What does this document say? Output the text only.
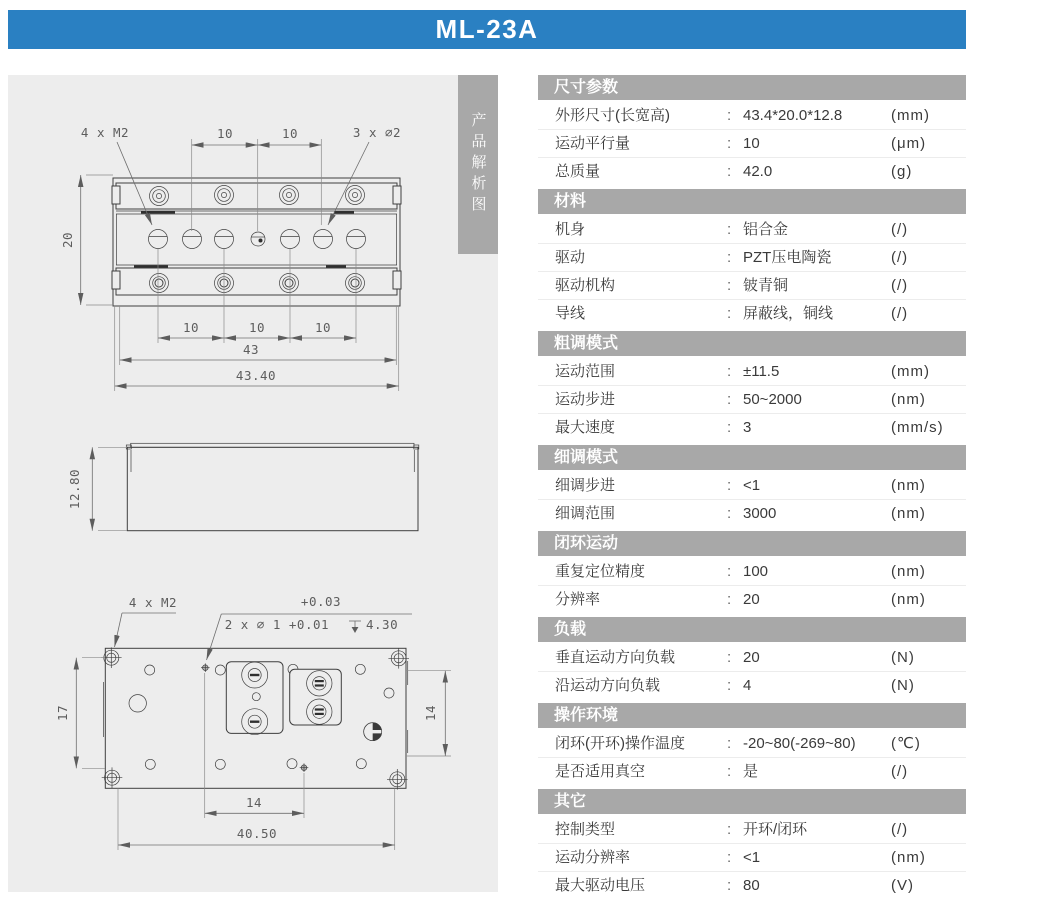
ML-23A
4 x M2	3 x ∅2
10	10
20
10	10	10
43
43.40
12.80
4 x M2	+0.03
2 x ∅ 1 +0.01	4.30
17	14
14
40.50
产品解析图
尺寸参数
外形尺寸(长宽高)	: 43.4*20.0*12.8	(mm)
运动平行量	: 10	(μm)
总质量	: 42.0	(g)
材料
机身	: 铝合金	(/)
驱动	: PZT压电陶瓷	(/)
驱动机构	: 铍青铜	(/)
导线	: 屏蔽线，铜线	(/)
粗调模式
运动范围	: ±11.5	(mm)
运动步进	: 50~2000	(nm)
最大速度	: 3	(mm/s)
细调模式
细调步进	: <1	(nm)
细调范围	: 3000	(nm)
闭环运动
重复定位精度	: 100	(nm)
分辨率	: 20	(nm)
负载
垂直运动方向负载	: 20	(N)
沿运动方向负载	: 4	(N)
操作环境
闭环(开环)操作温度	: -20~80(-269~80)	(℃)
是否适用真空	: 是	(/)
其它
控制类型	: 开环/闭环	(/)
运动分辨率	: <1	(nm)
最大驱动电压	: 80	(V)
